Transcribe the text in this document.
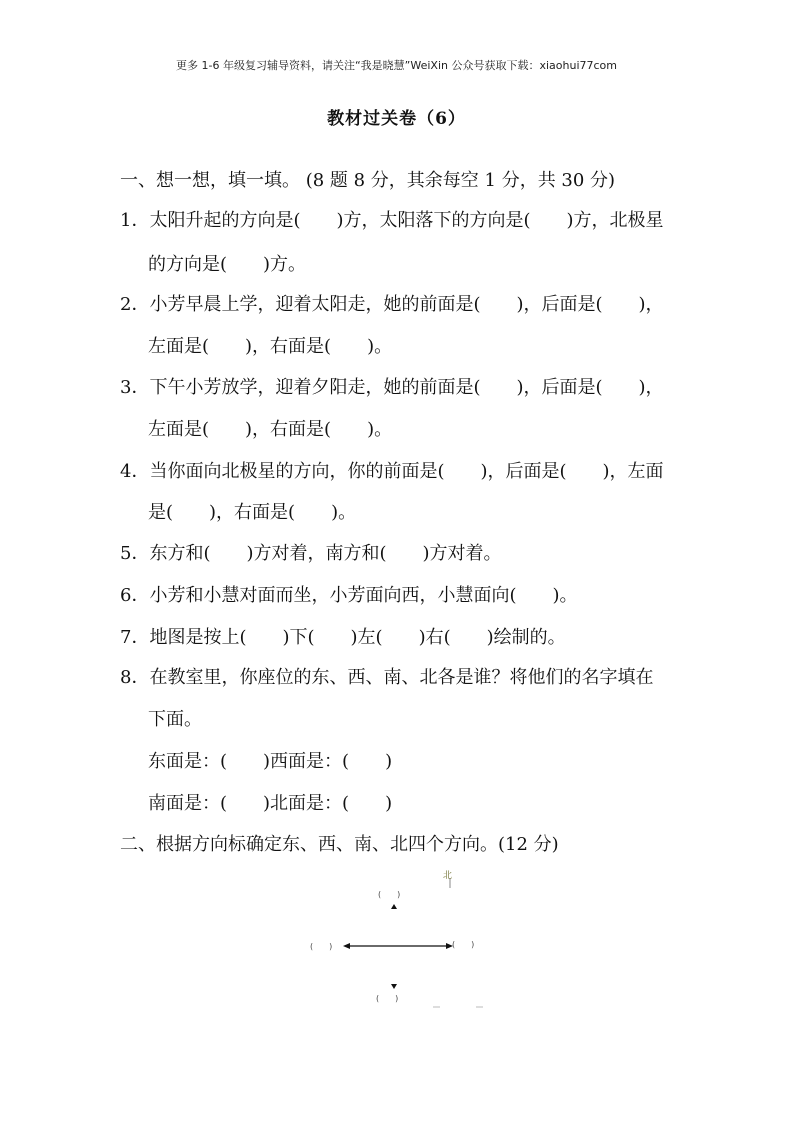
更多 1-6 年级复习辅导资料，请关注“我是晓慧”WeiXin 公众号获取下载：xiaohui77com
教材过关卷（6）
一、想一想，填一填。 (8 题 8 分，其余每空 1 分，共 30 分)
1．太阳升起的方向是(　　)方，太阳落下的方向是(　　)方，北极星
的方向是(　　)方。
2．小芳早晨上学，迎着太阳走，她的前面是(　　)，后面是(　　)，
左面是(　　)，右面是(　　)。
3．下午小芳放学，迎着夕阳走，她的前面是(　　)，后面是(　　)，
左面是(　　)，右面是(　　)。
4．当你面向北极星的方向，你的前面是(　　)，后面是(　　)，左面
是(　　)，右面是(　　)。
5．东方和(　　)方对着，南方和(　　)方对着。
6．小芳和小慧对面而坐，小芳面向西，小慧面向(　　)。
7．地图是按上(　　)下(　　)左(　　)右(　　)绘制的。
8．在教室里，你座位的东、西、南、北各是谁？将他们的名字填在
下面。
东面是：(　　)西面是：(　　)
南面是：(　　)北面是：(　　)
二、根据方向标确定东、西、南、北四个方向。(12 分)
北
(　　)
(　　)	(　　)
(　　)
